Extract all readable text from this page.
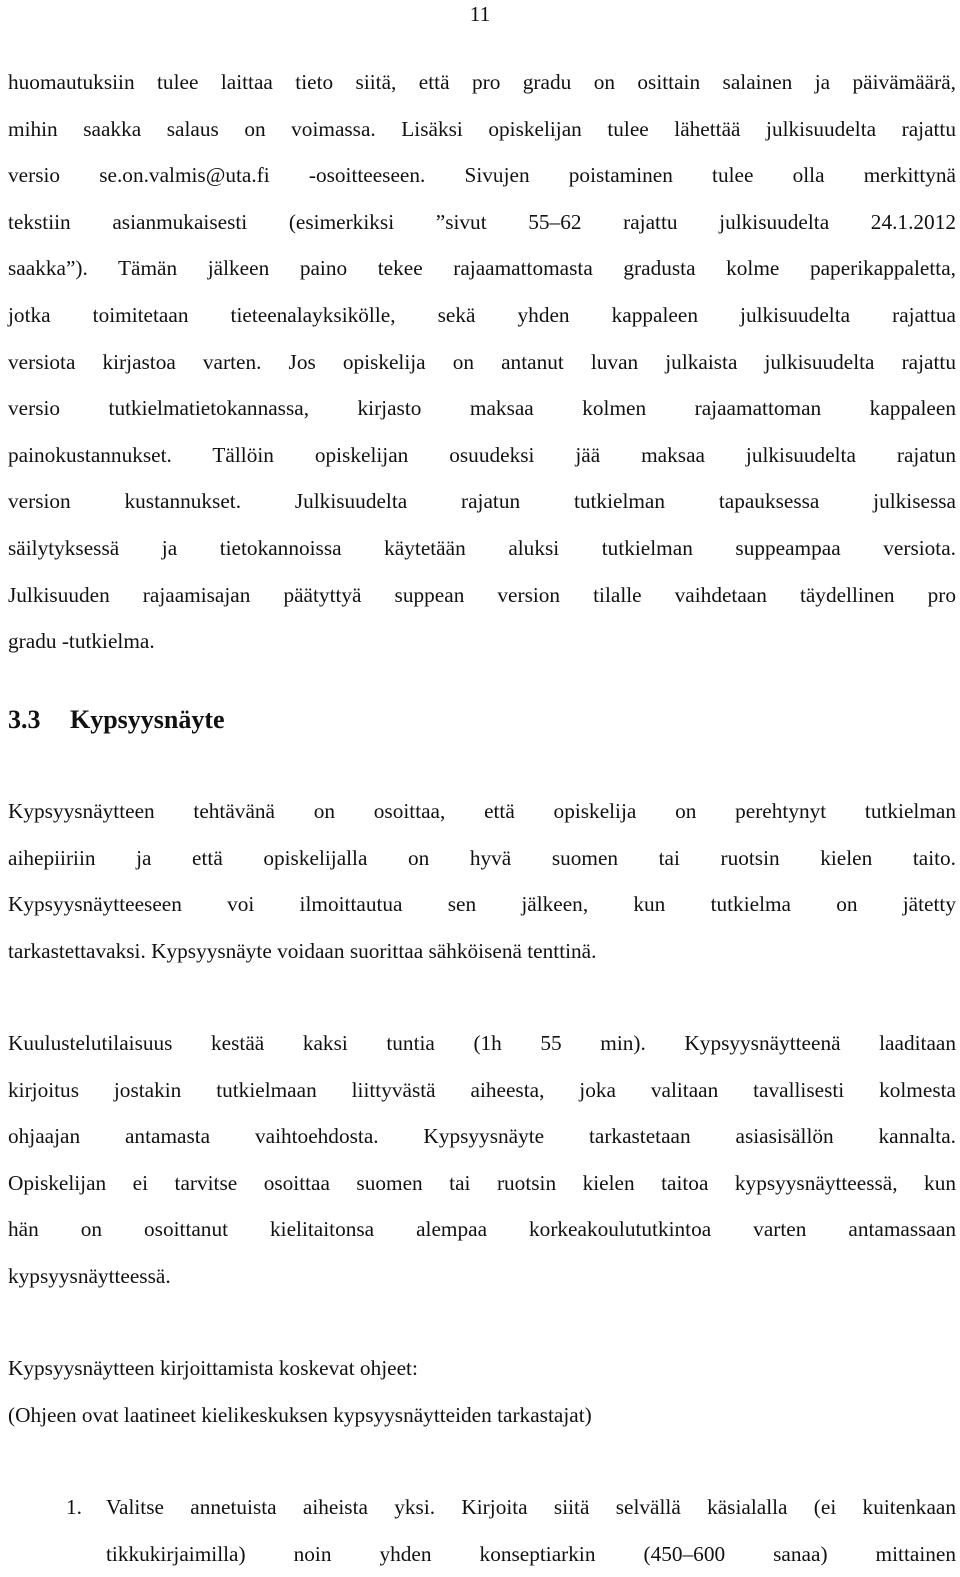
11
huomautuksiin tulee laittaa tieto siitä, että pro gradu on osittain salainen ja päivämäärä,
mihin saakka salaus on voimassa. Lisäksi opiskelijan tulee lähettää julkisuudelta rajattu
versio se.on.valmis@uta.fi -osoitteeseen. Sivujen poistaminen tulee olla merkittynä
tekstiin asianmukaisesti (esimerkiksi ”sivut 55–62 rajattu julkisuudelta 24.1.2012
saakka”). Tämän jälkeen paino tekee rajaamattomasta gradusta kolme paperikappaletta,
jotka toimitetaan tieteenalayksikölle, sekä yhden kappaleen julkisuudelta rajattua
versiota kirjastoa varten. Jos opiskelija on antanut luvan julkaista julkisuudelta rajattu
versio tutkielmatietokannassa, kirjasto maksaa kolmen rajaamattoman kappaleen
painokustannukset. Tällöin opiskelijan osuudeksi jää maksaa julkisuudelta rajatun
version kustannukset. Julkisuudelta rajatun tutkielman tapauksessa julkisessa
säilytyksessä ja tietokannoissa käytetään aluksi tutkielman suppeampaa versiota.
Julkisuuden rajaamisajan päätyttyä suppean version tilalle vaihdetaan täydellinen pro
gradu -tutkielma.
3.3 Kypsyysnäyte
Kypsyysnäytteen tehtävänä on osoittaa, että opiskelija on perehtynyt tutkielman
aihepiiriin ja että opiskelijalla on hyvä suomen tai ruotsin kielen taito.
Kypsyysnäytteeseen voi ilmoittautua sen jälkeen, kun tutkielma on jätetty
tarkastettavaksi. Kypsyysnäyte voidaan suorittaa sähköisenä tenttinä.
Kuulustelutilaisuus kestää kaksi tuntia (1h 55 min). Kypsyysnäytteenä laaditaan
kirjoitus jostakin tutkielmaan liittyvästä aiheesta, joka valitaan tavallisesti kolmesta
ohjaajan antamasta vaihtoehdosta. Kypsyysnäyte tarkastetaan asiasisällön kannalta.
Opiskelijan ei tarvitse osoittaa suomen tai ruotsin kielen taitoa kypsyysnäytteessä, kun
hän on osoittanut kielitaitonsa alempaa korkeakoulututkintoa varten antamassaan
kypsyysnäytteessä.
Kypsyysnäytteen kirjoittamista koskevat ohjeet:
(Ohjeen ovat laatineet kielikeskuksen kypsyysnäytteiden tarkastajat)
1. Valitse annetuista aiheista yksi. Kirjoita siitä selvällä käsialalla (ei kuitenkaan
tikkukirjaimilla) noin yhden konseptiarkin (450–600 sanaa) mittainen
